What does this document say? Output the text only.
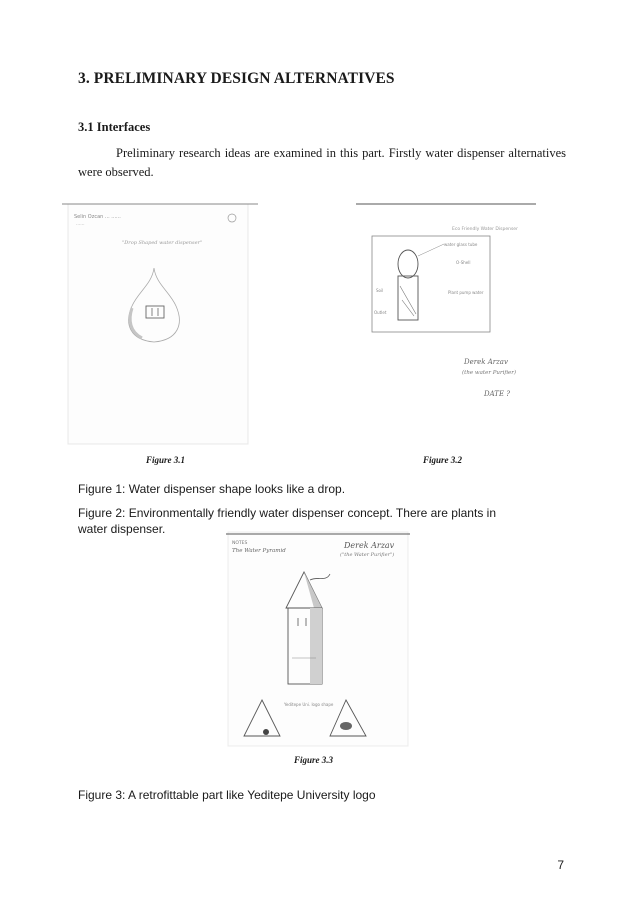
3. PRELIMINARY DESIGN ALTERNATIVES
3.1 Interfaces
Preliminary research ideas are examined in this part. Firstly water dispenser alternatives were observed.
Selin Ozcan ... ......
......
"Drop Shaped water dispenser"
Eco Friendly Water Dispenser
water glass tube
O-Shell
Plant pump water
Soil
Outlet
Derek Arzav
(the water Purifier)
DATE ?
Figure 3.1	Figure 3.2
Figure 1: Water dispenser shape looks like a drop.
Figure 2: Environmentally friendly water dispenser concept. There are plants in water dispenser.
NOTES
The Water Pyramid
Derek Arzav
("the Water Purifier")
Yeditepe Uni. logo shape
Figure 3.3
Figure 3: A retrofittable part like Yeditepe University logo
7
